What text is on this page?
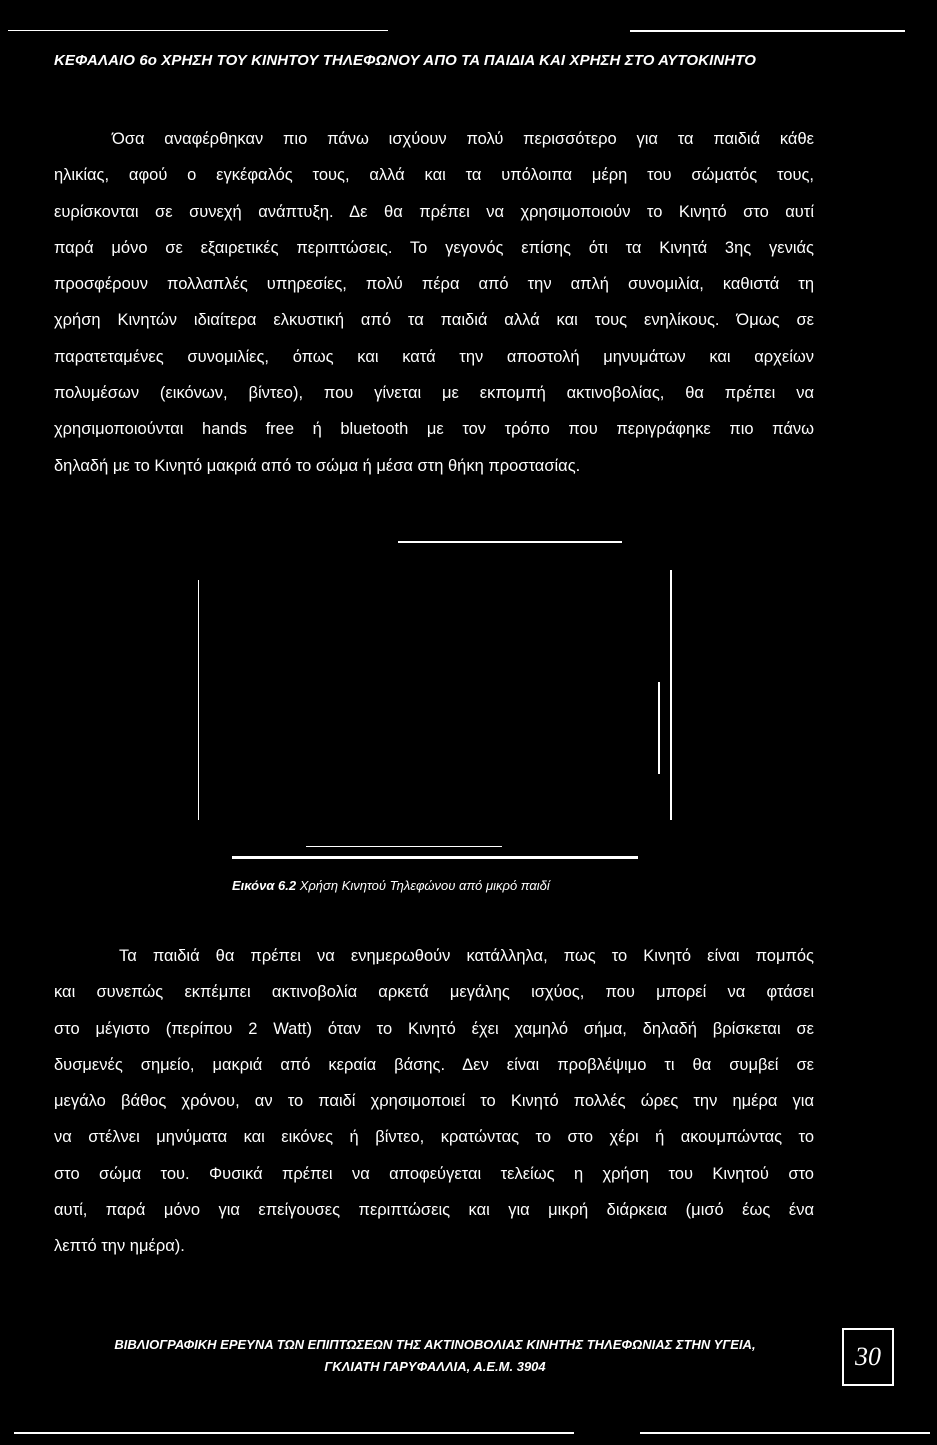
ΚΕΦΑΛΑΙΟ 6ο ΧΡΗΣΗ ΤΟΥ ΚΙΝΗΤΟΥ ΤΗΛΕΦΩΝΟΥ ΑΠΟ ΤΑ ΠΑΙΔΙΑ ΚΑΙ ΧΡΗΣΗ ΣΤΟ ΑΥΤΟΚΙΝΗΤΟ
Όσα αναφέρθηκαν πιο πάνω ισχύουν πολύ περισσότερο για τα παιδιά κάθε
ηλικίας, αφού ο εγκέφαλός τους, αλλά και τα υπόλοιπα μέρη του σώματός τους,
ευρίσκονται σε συνεχή ανάπτυξη. Δε θα πρέπει να χρησιμοποιούν το Κινητό στο αυτί
παρά μόνο σε εξαιρετικές περιπτώσεις. Το γεγονός επίσης ότι τα Κινητά 3ης γενιάς
προσφέρουν πολλαπλές υπηρεσίες, πολύ πέρα από την απλή συνομιλία, καθιστά τη
χρήση Κινητών ιδιαίτερα ελκυστική από τα παιδιά αλλά και τους ενηλίκους. Όμως σε
παρατεταμένες συνομιλίες, όπως και κατά την αποστολή μηνυμάτων και αρχείων
πολυμέσων (εικόνων, βίντεο), που γίνεται με εκπομπή ακτινοβολίας, θα πρέπει να
χρησιμοποιούνται hands free ή bluetooth με τον τρόπο που περιγράφηκε πιο πάνω
δηλαδή με το Κινητό μακριά από το σώμα ή μέσα στη θήκη προστασίας.
Εικόνα 6.2 Χρήση Κινητού Τηλεφώνου από μικρό παιδί
Τα παιδιά θα πρέπει να ενημερωθούν κατάλληλα, πως το Κινητό είναι πομπός
και συνεπώς εκπέμπει ακτινοβολία αρκετά μεγάλης ισχύος, που μπορεί να φτάσει
στο μέγιστο (περίπου 2 Watt) όταν το Κινητό έχει χαμηλό σήμα, δηλαδή βρίσκεται σε
δυσμενές σημείο, μακριά από κεραία βάσης. Δεν είναι προβλέψιμο τι θα συμβεί σε
μεγάλο βάθος χρόνου, αν το παιδί χρησιμοποιεί το Κινητό πολλές ώρες την ημέρα για
να στέλνει μηνύματα και εικόνες ή βίντεο, κρατώντας το στο χέρι ή ακουμπώντας το
στο σώμα του. Φυσικά πρέπει να αποφεύγεται τελείως η χρήση του Κινητού στο
αυτί, παρά μόνο για επείγουσες περιπτώσεις και για μικρή διάρκεια (μισό έως ένα
λεπτό την ημέρα).
ΒΙΒΛΙΟΓΡΑΦΙΚΗ ΕΡΕΥΝΑ ΤΩΝ ΕΠΙΠΤΩΣΕΩΝ ΤΗΣ ΑΚΤΙΝΟΒΟΛΙΑΣ ΚΙΝΗΤΗΣ ΤΗΛΕΦΩΝΙΑΣ ΣΤΗΝ ΥΓΕΙΑ,
ΓΚΛΙΑΤΗ ΓΑΡΥΦΑΛΛΙΑ, Α.Ε.Μ. 3904	30
